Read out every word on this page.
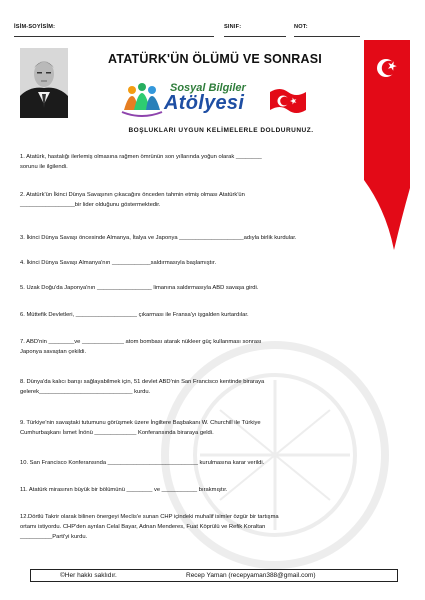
İSİM-SOYİSİM:	SINIF:	NOT:
ATATÜRK'ÜN ÖLÜMÜ VE SONRASI
Sosyal Bilgiler
Atölyesi
BOŞLUKLARI UYGUN KELİMELERLE DOLDURUNUZ.
1. Atatürk, hastalığı ilerlemiş olmasına rağmen ömrünün son yıllarında yoğun olarak ________
sorunu ile ilgilendi.
2. Atatürk'ün İkinci Dünya Savaşının çıkacağını önceden tahmin etmiş olması Atatürk'ün
_________________bir lider olduğunu göstermektedir.
3. İkinci Dünya Savaşı öncesinde Almanya, İtalya ve Japonya ____________________adıyla birlik kurdular.
4. İkinci Dünya Savaşı Almanya'nın ____________saldırmasıyla başlamıştır.
5. Uzak Doğu'da Japonya'nın _________________ limanına saldırmasıyla ABD savaşa girdi.
6. Müttefik Devletleri, ___________________ çıkarması ile Fransa'yı işgalden kurtardılar.
7. ABD'nin ________ve _____________ atom bombası atarak nükleer güç kullanması sonrası
Japonya savaştan çekildi.
8. Dünya'da kalıcı barışı sağlayabilmek için, 51 devlet ABD'nin San Francisco kentinde biraraya
gelerek_____________________________ kurdu.
9. Türkiye'nin savaştaki tutumunu görüşmek üzere İngiltere Başbakanı W. Churchill ile Türkiye
Cumhurbaşkanı İsmet İnönü _____________ Konferansında biraraya geldi.
10. San Francisco Konferansında ____________________________ kurulmasına karar verildi.
11. Atatürk mirasının büyük bir bölümünü ________ ve ___________ bırakmıştır.
12.Dörtlü Takrir olarak bilinen önergeyi Meclis'e sunan CHP içindeki muhalif isimler özgür bir tartışma
ortamı istiyordu. CHP'den ayrılan Celal Bayar, Adnan Menderes, Fuat Köprülü ve Refik Koraltan
__________Parti'yi kurdu.
©Her hakkı saklıdır.	Recep Yaman (recepyaman388@gmail.com)
